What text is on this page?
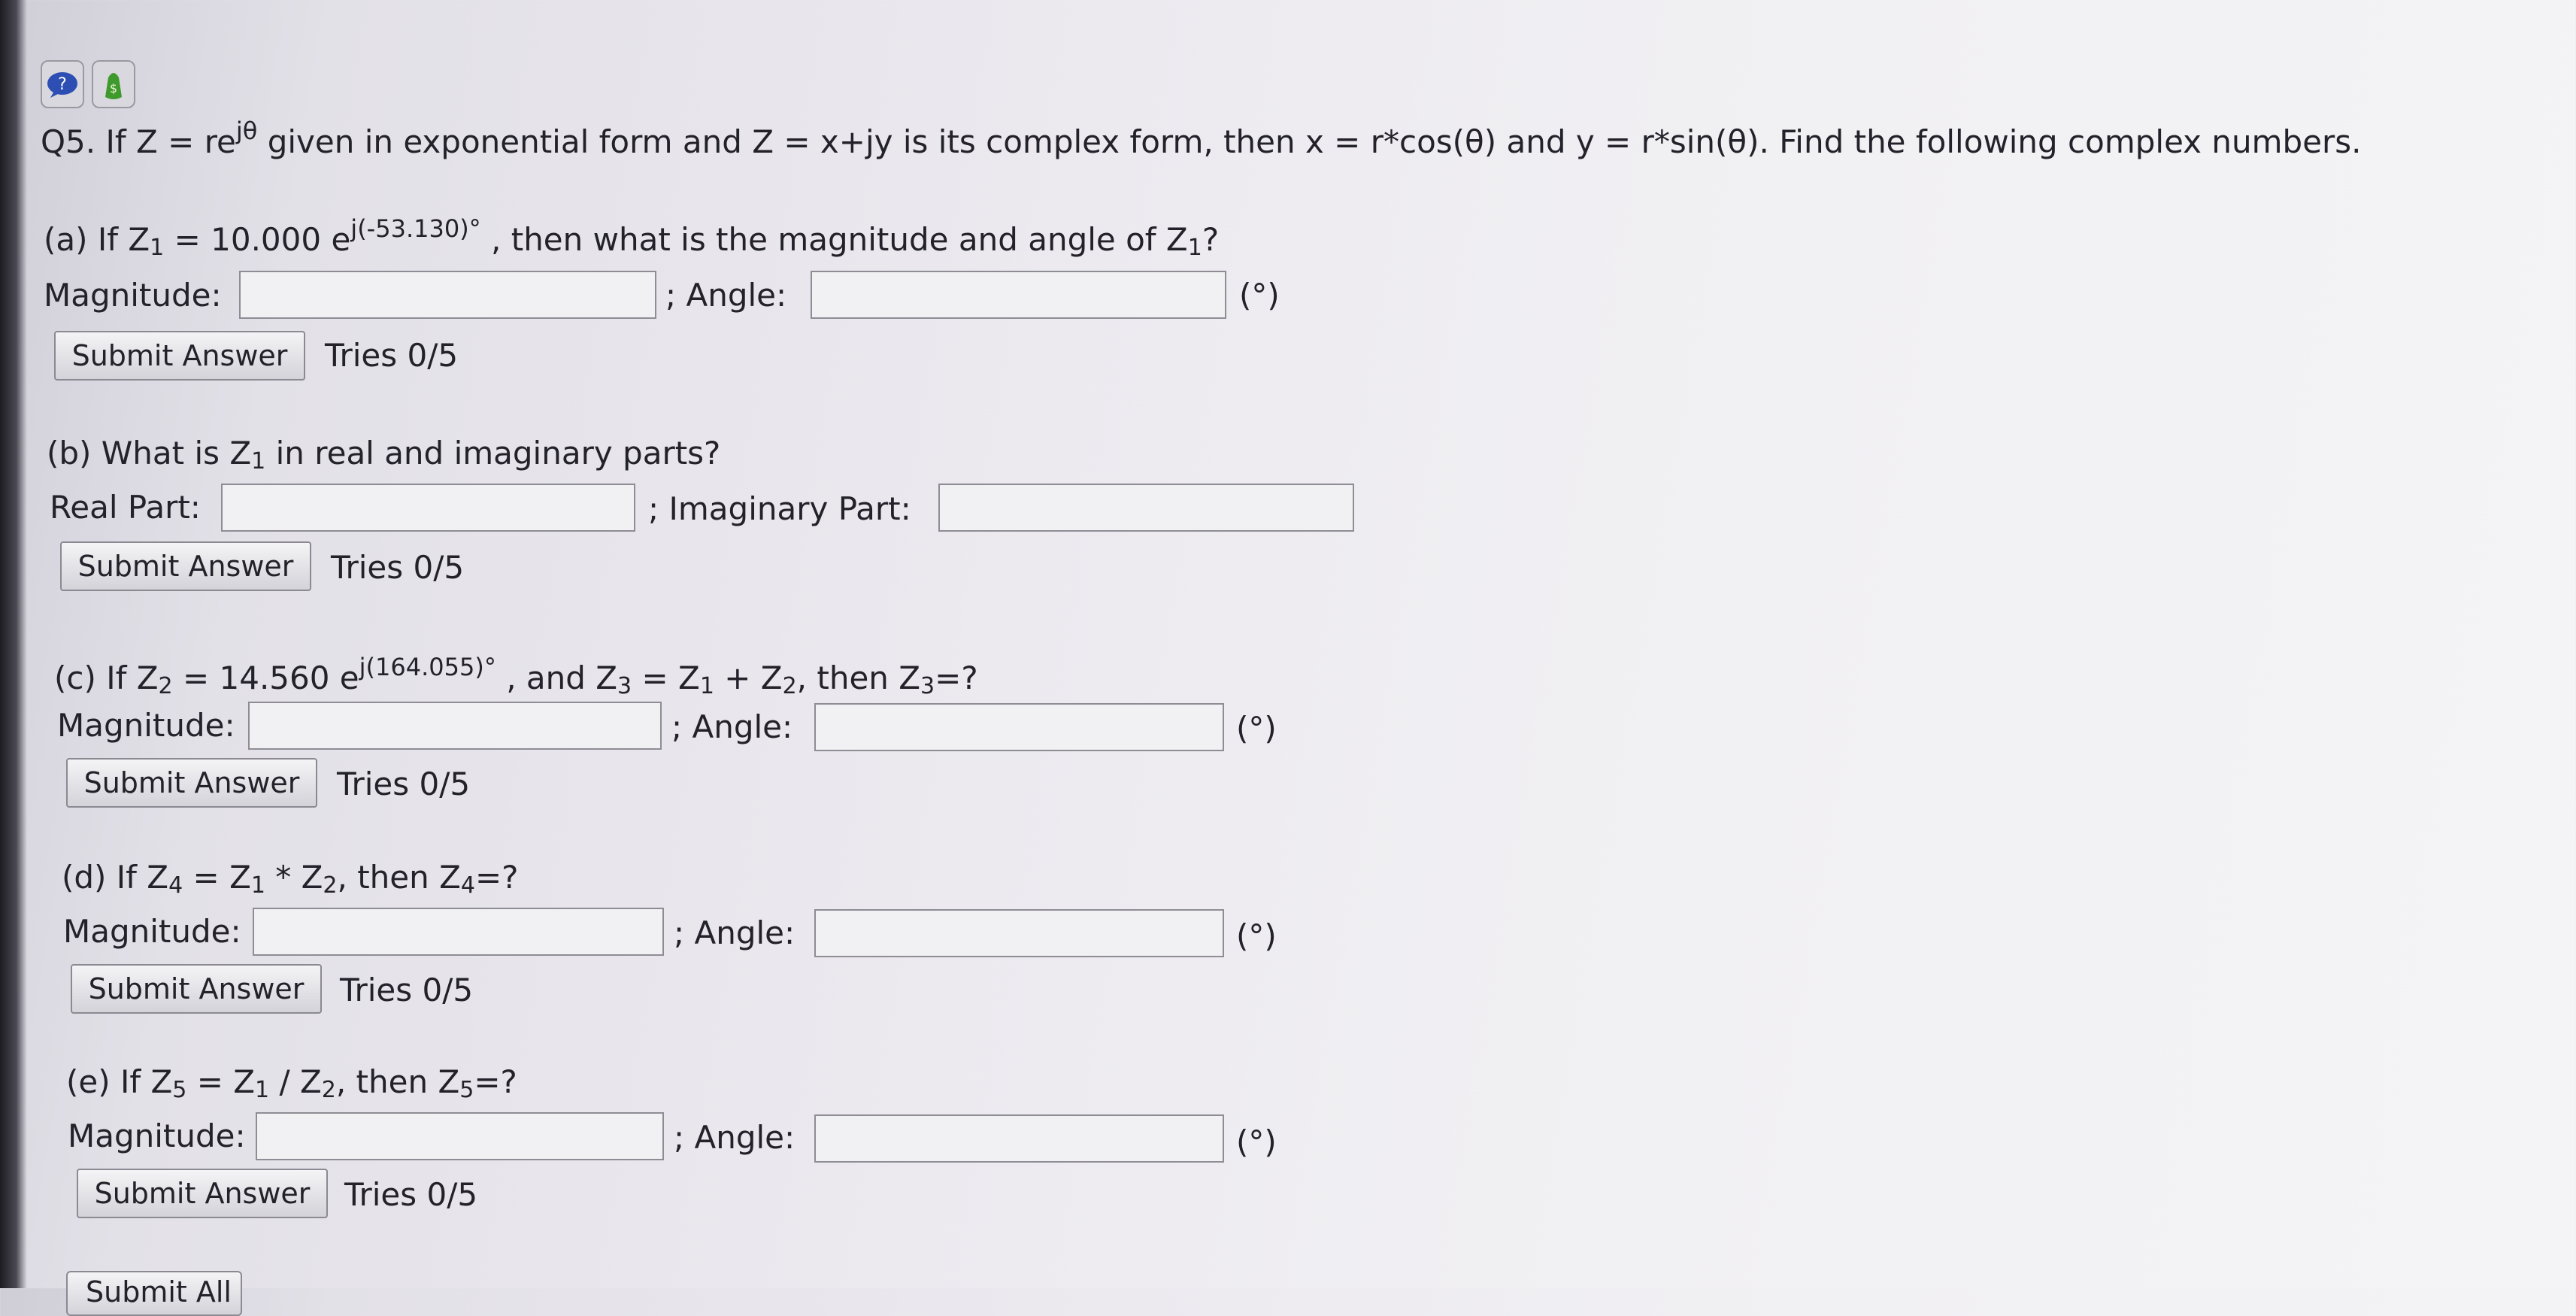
?	$
Q5. If $Z = re^{j\theta}$ given in exponential form and Z = x+jy is its complex form, then x = r*cos(θ) and y = r*sin(θ). Find the following complex numbers.
(a) If $Z_1 = 10.000$ $e^{j(-53.130)^\circ}$ , then what is the magnitude and angle of $Z_1$?
Magnitude:	; Angle:	(°)
Submit Answer	Tries 0/5
(b) What is $Z_1$ in real and imaginary parts?
Real Part:	; Imaginary Part:
Submit Answer	Tries 0/5
(c) If $Z_2 = 14.560$ $e^{j(164.055)^\circ}$ , and $Z_3 = Z_1 + Z_2$, then $Z_3=$?
Magnitude:	; Angle:	(°)
Submit Answer	Tries 0/5
(d) If $Z_4 = Z_1 * Z_2$, then $Z_4=$?
Magnitude:	; Angle:	(°)
Submit Answer	Tries 0/5
(e) If $Z_5 = Z_1 / Z_2$, then $Z_5=$?
Magnitude:	; Angle:	(°)
Submit Answer	Tries 0/5
Submit All
